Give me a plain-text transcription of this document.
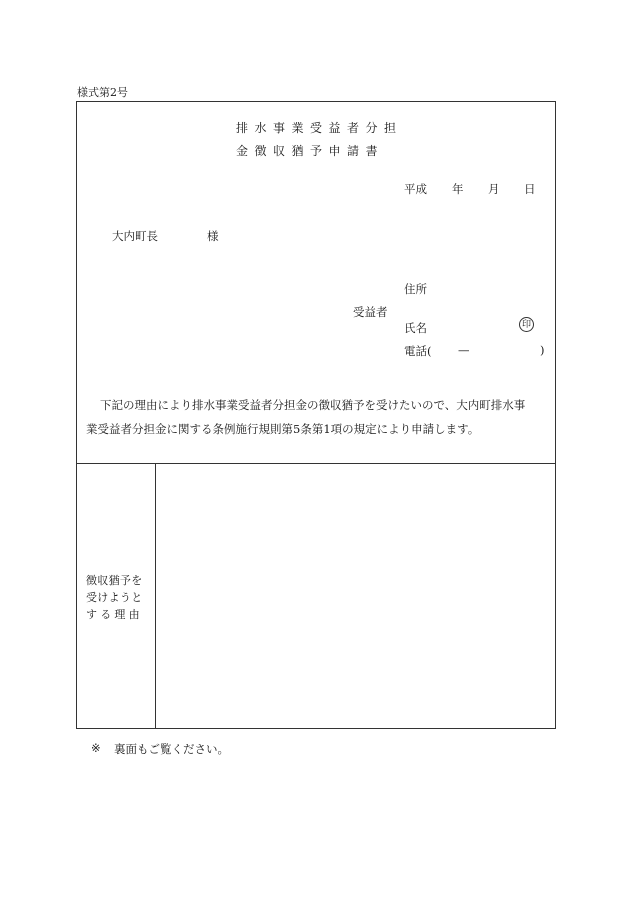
様式第2号
排水事業受益者分担
金徴収猶予申請書
平成 年 月 日
大内町長	様
住所
受益者
氏名	印
電話( —	)
下記の理由により排水事業受益者分担金の徴収猶予を受けたいので、大内町排水事
業受益者分担金に関する条例施行規則第5条第1項の規定により申請します。
徴収猶予を
受けようと
する理由
※ 裏面もご覧ください。
